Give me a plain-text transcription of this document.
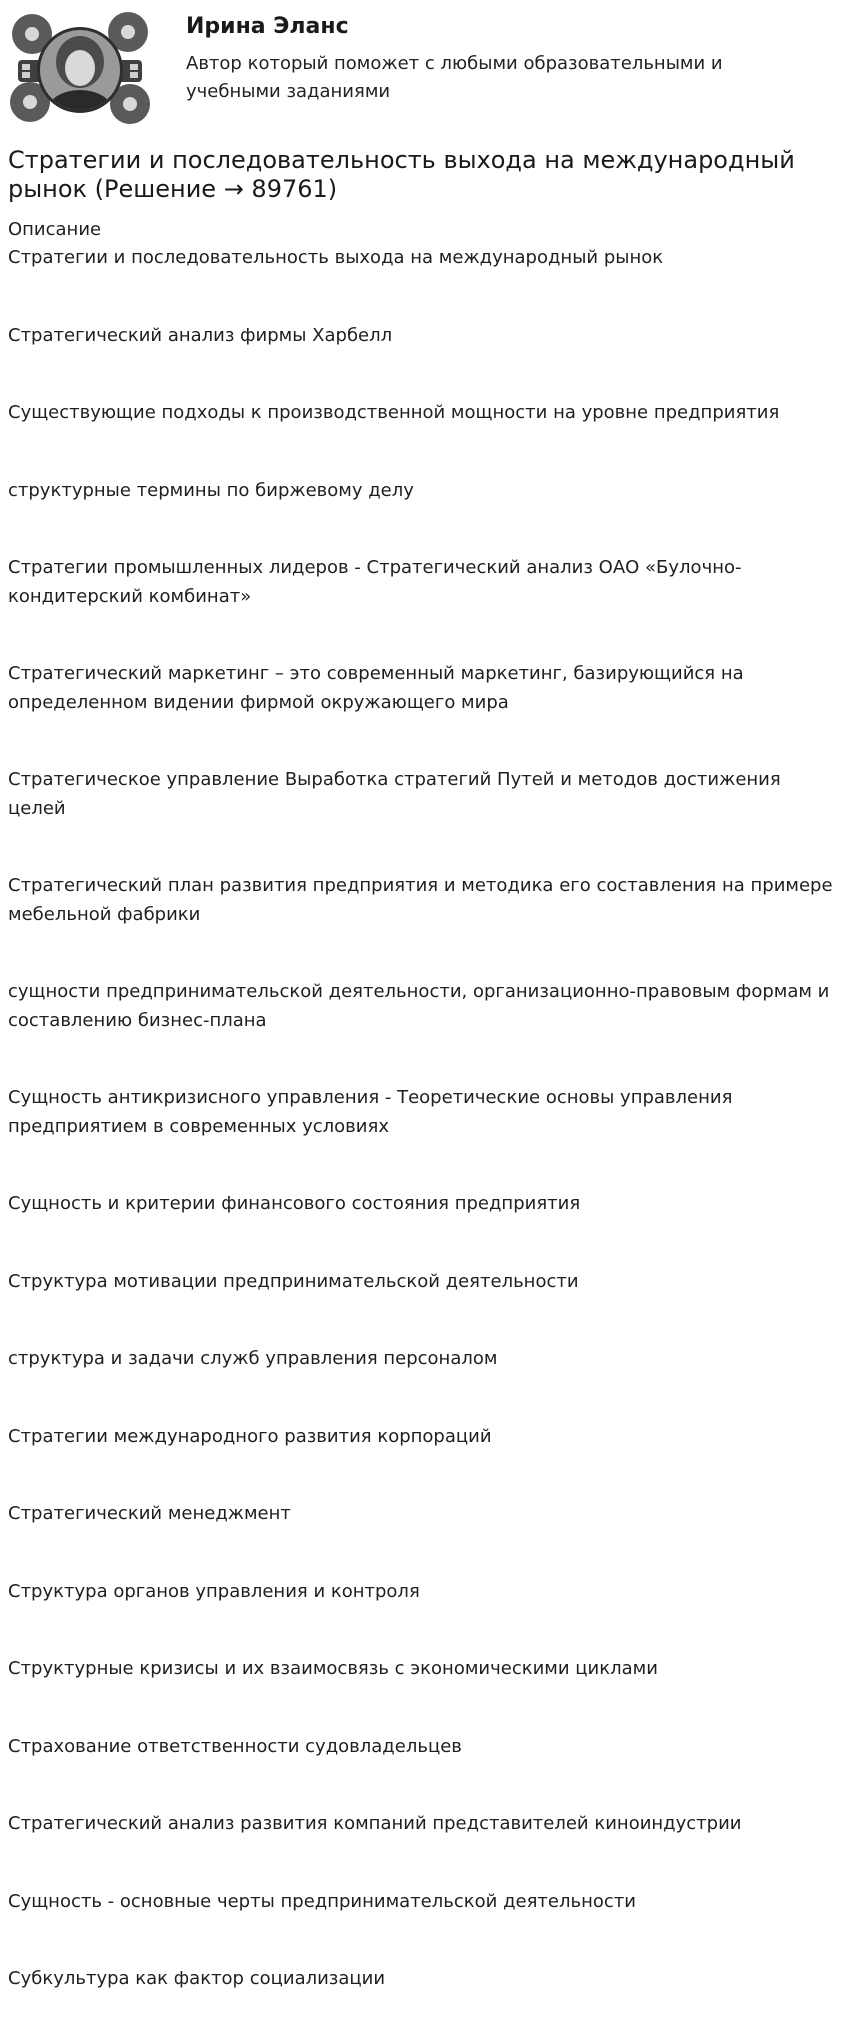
Ирина Эланс
Автор который поможет с любыми образовательными и учебными заданиями
Стратегии и последовательность выхода на международный рынок (Решение → 89761)
Описание
Стратегии и последовательность выхода на международный рынок
Стратегический анализ фирмы Харбелл
Существующие подходы к производственной мощности на уровне предприятия
структурные термины по биржевому делу
Стратегии промышленных лидеров - Стратегический анализ ОАО «Булочно-кондитерский комбинат»
Стратегический маркетинг – это современный маркетинг, базирующийся на определенном видении фирмой окружающего мира
Стратегическое управление Выработка стратегий Путей и методов достижения целей
Стратегический план развития предприятия и методика его составления на примере мебельной фабрики
сущности предпринимательской деятельности, организационно-правовым формам и составлению бизнес-плана
Сущность антикризисного управления - Теоретические основы управления предприятием в современных условиях
Сущность и критерии финансового состояния предприятия
Структура мотивации предпринимательской деятельности
структура и задачи служб управления персоналом
Стратегии международного развития корпораций
Стратегический менеджмент
Структура органов управления и контроля
Структурные кризисы и их взаимосвязь с экономическими циклами
Страхование ответственности судовладельцев
Стратегический анализ развития компаний представителей киноиндустрии
Сущность - основные черты предпринимательской деятельности
Субкультура как фактор социализации
